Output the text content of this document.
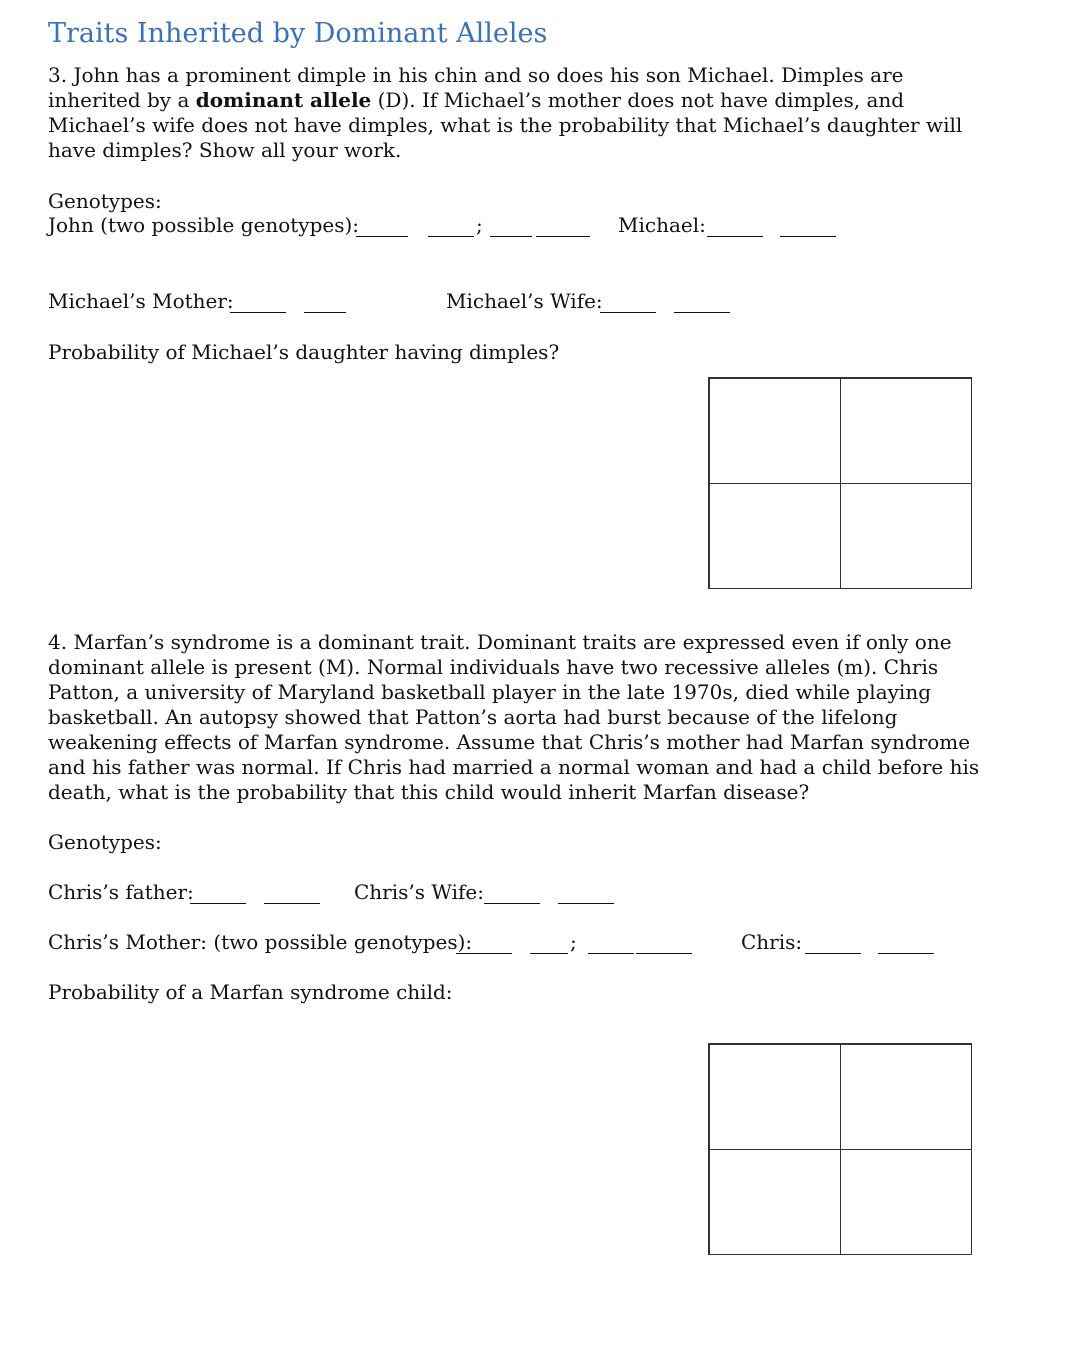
Traits Inherited by Dominant Alleles
3. John has a prominent dimple in his chin and so does his son Michael. Dimples are inherited by a dominant allele (D). If Michael’s mother does not have dimples, and Michael’s wife does not have dimples, what is the probability that Michael’s daughter will have dimples? Show all your work.
Genotypes:
John (two possible genotypes):	;	Michael:
Michael’s Mother:	Michael’s Wife:
Probability of Michael’s daughter having dimples?
4. Marfan’s syndrome is a dominant trait. Dominant traits are expressed even if only one dominant allele is present (M). Normal individuals have two recessive alleles (m). Chris Patton, a university of Maryland basketball player in the late 1970s, died while playing basketball. An autopsy showed that Patton’s aorta had burst because of the lifelong weakening effects of Marfan syndrome. Assume that Chris’s mother had Marfan syndrome and his father was normal. If Chris had married a normal woman and had a child before his death, what is the probability that this child would inherit Marfan disease?
Genotypes:
Chris’s father:	Chris’s Wife:
Chris’s Mother: (two possible genotypes):	;	Chris:
Probability of a Marfan syndrome child:
